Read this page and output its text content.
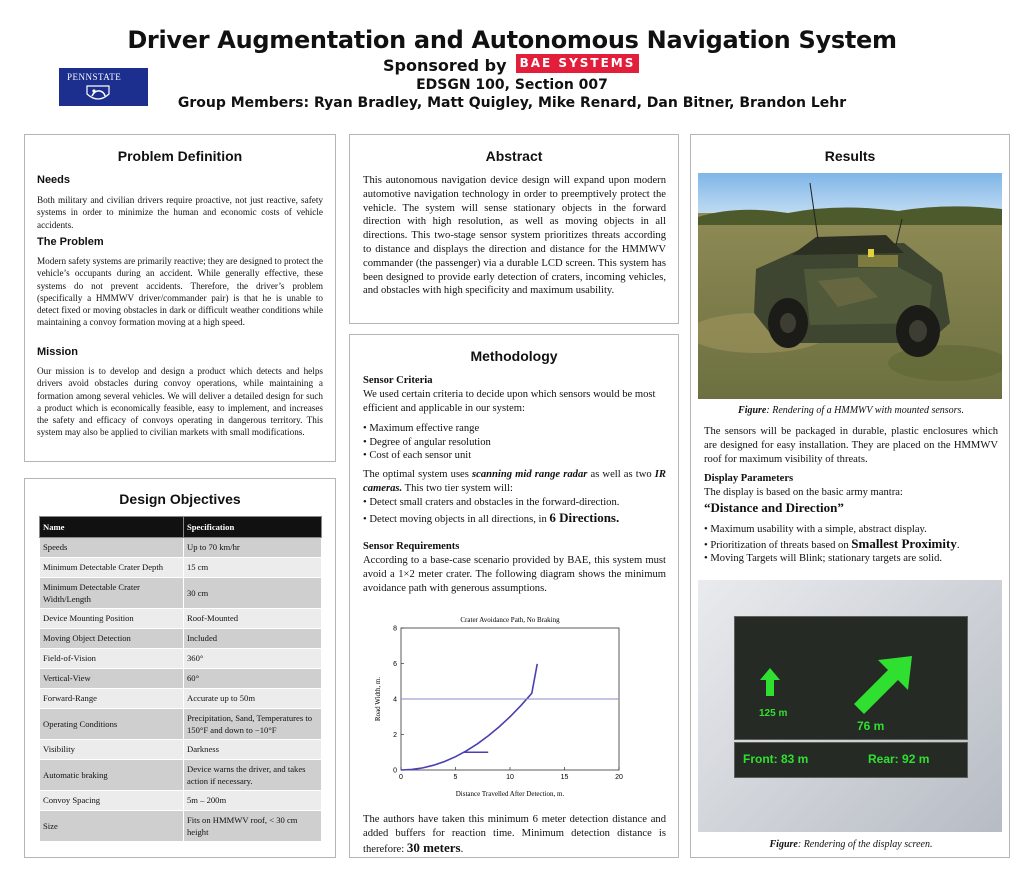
Driver Augmentation and Autonomous Navigation System
Sponsored by	BAE SYSTEMS
EDSGN 100, Section 007
Group Members: Ryan Bradley, Matt Quigley, Mike Renard, Dan Bitner, Brandon Lehr
PENNSTATE
Problem Definition
Needs
Both military and civilian drivers require proactive, not just reactive, safety systems in order to minimize the human and economic costs of vehicle accidents.
The Problem
Modern safety systems are primarily reactive; they are designed to protect the vehicle’s occupants during an accident. While generally effective, these systems do not prevent accidents. Therefore, the driver’s problem (specifically a HMMWV driver/commander pair) is that he is unable to detect fixed or moving obstacles in dark or difficult weather conditions while maintaining a convoy formation moving at a high speed.
Mission
Our mission is to develop and design a product which detects and helps drivers avoid obstacles during convoy operations, while maintaining a formation among several vehicles. We will deliver a detailed design for such a product which is economically feasible, easy to implement, and increases the safety and efficacy of convoys operating in dangerous territory. This system may also be applied to civilian markets with small modifications.
Design Objectives
Name	Specification
Speeds	Up to 70 km/hr
Minimum Detectable Crater Depth	15 cm
Minimum Detectable Crater Width/Length	30 cm
Device Mounting Position	Roof-Mounted
Moving Object Detection	Included
Field-of-Vision	360°
Vertical-View	60°
Forward-Range	Accurate up to 50m
Operating Conditions	Precipitation, Sand, Temperatures to 150°F and down to −10°F
Visibility	Darkness
Automatic braking	Device warns the driver, and takes action if necessary.
Convoy Spacing	5m – 200m
Size	Fits on HMMWV roof, < 30 cm height
Abstract
This autonomous navigation device design will expand upon modern automotive navigation technology in order to preemptively protect the vehicle. The system will sense stationary objects in the forward direction with high resolution, as well as moving objects in all directions. This two-stage sensor system prioritizes threats according to distance and displays the direction and distance for the HMMWV commander (the passenger) via a durable LCD screen. This system has been designed to provide early detection of craters, incoming vehicles, and obstacles with high specificity and maximum usability.
Methodology
Sensor Criteria
We used certain criteria to decide upon which sensors would be most efficient and applicable in our system:
• Maximum effective range
• Degree of angular resolution
• Cost of each sensor unit
The optimal system uses scanning mid range radar as well as two IR cameras. This two tier system will:
• Detect small craters and obstacles in the forward-direction.
• Detect moving objects in all directions, in 6 Directions.
Sensor Requirements
According to a base-case scenario provided by BAE, this system must avoid a 1×2 meter crater. The following diagram shows the minimum avoidance path with generous assumptions.
Crater Avoidance Path, No Braking
Distance Travelled After Detection, m.
Road Width, m.
0	5	10	15	20
0
2
4
6
8
The authors have taken this minimum 6 meter detection distance and added buffers for reaction time. Minimum detection distance is therefore: 30 meters.
Results
Figure: Rendering of a HMMWV with mounted sensors.
The sensors will be packaged in durable, plastic enclosures which are designed for easy installation. They are placed on the HMMWV roof for maximum visibility of threats.
Display Parameters
The display is based on the basic army mantra:
“Distance and Direction”
• Maximum usability with a simple, abstract display.
• Prioritization of threats based on Smallest Proximity.
• Moving Targets will Blink; stationary targets are solid.
125 m
76 m
Front: 83 m	Rear: 92 m
Figure: Rendering of the display screen.
